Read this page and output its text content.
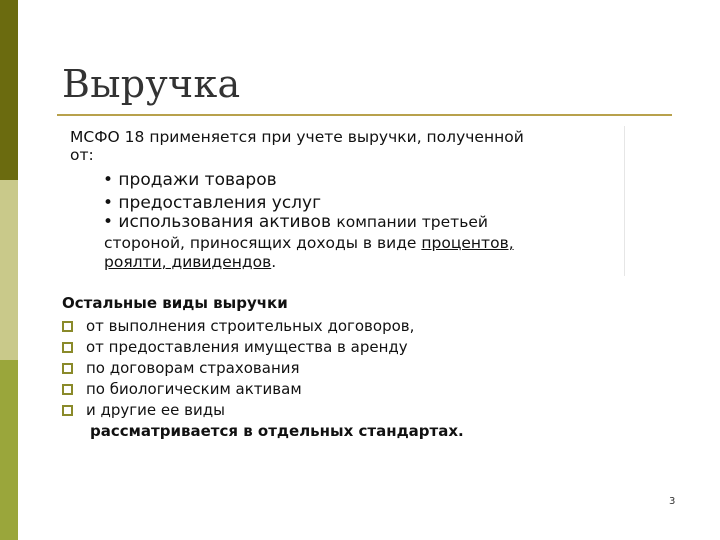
Выручка
МСФО 18 применяется при учете выручки, полученной
от:
• продажи товаров
• предоставления услуг
• использования активов компании третьей
стороной, приносящих доходы в виде процентов,
роялти, дивидендов.
Остальные виды выручки
от выполнения строительных договоров,
от предоставления имущества в аренду
по договорам страхования
по биологическим активам
и другие ее виды
рассматривается в отдельных стандартах.
3
